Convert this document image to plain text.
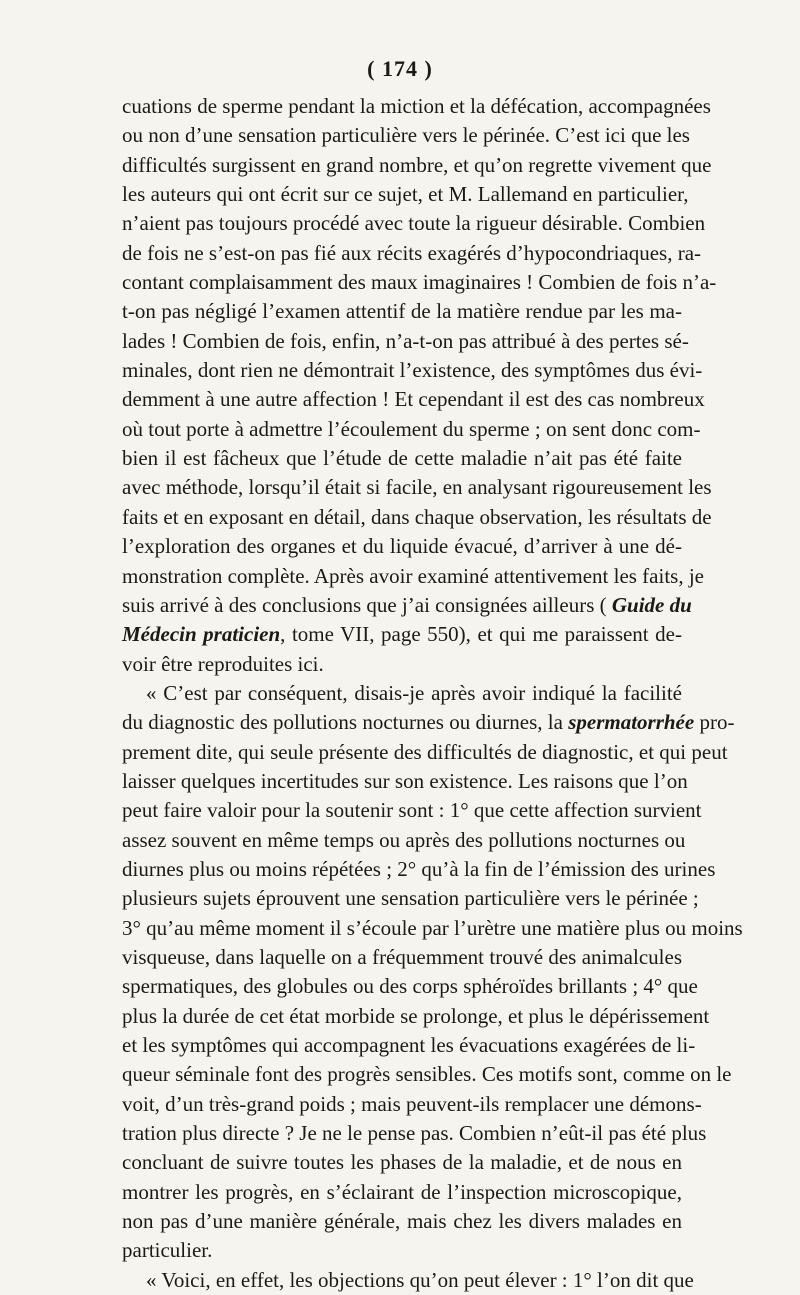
( 174 )
cuations de sperme pendant la miction et la défécation, accompagnées
ou non d’une sensation particulière vers le périnée. C’est ici que les
difficultés surgissent en grand nombre, et qu’on regrette vivement que
les auteurs qui ont écrit sur ce sujet, et M. Lallemand en particulier,
n’aient pas toujours procédé avec toute la rigueur désirable. Combien
de fois ne s’est-on pas fié aux récits exagérés d’hypocondriaques, ra-
contant complaisamment des maux imaginaires ! Combien de fois n’a-
t-on pas négligé l’examen attentif de la matière rendue par les ma-
lades ! Combien de fois, enfin, n’a-t-on pas attribué à des pertes sé-
minales, dont rien ne démontrait l’existence, des symptômes dus évi-
demment à une autre affection ! Et cependant il est des cas nombreux
où tout porte à admettre l’écoulement du sperme ; on sent donc com-
bien il est fâcheux que l’étude de cette maladie n’ait pas été faite
avec méthode, lorsqu’il était si facile, en analysant rigoureusement les
faits et en exposant en détail, dans chaque observation, les résultats de
l’exploration des organes et du liquide évacué, d’arriver à une dé-
monstration complète. Après avoir examiné attentivement les faits, je
suis arrivé à des conclusions que j’ai consignées ailleurs ( Guide du
Médecin praticien, tome VII, page 550), et qui me paraissent de-
voir être reproduites ici.
« C’est par conséquent, disais-je après avoir indiqué la facilité
du diagnostic des pollutions nocturnes ou diurnes, la spermatorrhée pro-
prement dite, qui seule présente des difficultés de diagnostic, et qui peut
laisser quelques incertitudes sur son existence. Les raisons que l’on
peut faire valoir pour la soutenir sont : 1° que cette affection survient
assez souvent en même temps ou après des pollutions nocturnes ou
diurnes plus ou moins répétées ; 2° qu’à la fin de l’émission des urines
plusieurs sujets éprouvent une sensation particulière vers le périnée ;
3° qu’au même moment il s’écoule par l’urètre une matière plus ou moins
visqueuse, dans laquelle on a fréquemment trouvé des animalcules
spermatiques, des globules ou des corps sphéroïdes brillants ; 4° que
plus la durée de cet état morbide se prolonge, et plus le dépérissement
et les symptômes qui accompagnent les évacuations exagérées de li-
queur séminale font des progrès sensibles. Ces motifs sont, comme on le
voit, d’un très-grand poids ; mais peuvent-ils remplacer une démons-
tration plus directe ? Je ne le pense pas. Combien n’eût-il pas été plus
concluant de suivre toutes les phases de la maladie, et de nous en
montrer les progrès, en s’éclairant de l’inspection microscopique,
non pas d’une manière générale, mais chez les divers malades en
particulier.
« Voici, en effet, les objections qu’on peut élever : 1° l’on dit que
